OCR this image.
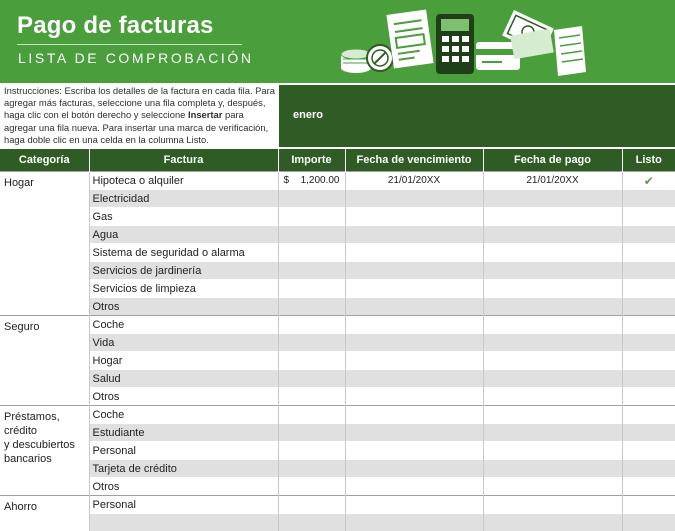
Pago de facturas
LISTA DE COMPROBACIÓN
Instrucciones: Escriba los detalles de la factura en cada fila. Para agregar más facturas, seleccione una fila completa y, después, haga clic con el botón derecho y seleccione Insertar para agregar una fila nueva. Para insertar una marca de verificación, haga doble clic en una celda en la columna Listo.
enero
Categoría	Factura	Importe	Fecha de vencimiento	Fecha de pago	Listo
Hogar	Hipoteca o alquiler	$ 1,200.00	21/01/20XX	21/01/20XX	✔
	Electricidad				
	Gas				
	Agua				
	Sistema de seguridad o alarma				
	Servicios de jardinería				
	Servicios de limpieza				
	Otros				
Seguro	Coche				
	Vida				
	Hogar				
	Salud				
	Otros				
Préstamos,
crédito
y descubiertos
bancarios	Coche				
	Estudiante				
	Personal				
	Tarjeta de crédito				
	Otros				
Ahorro	Personal				
